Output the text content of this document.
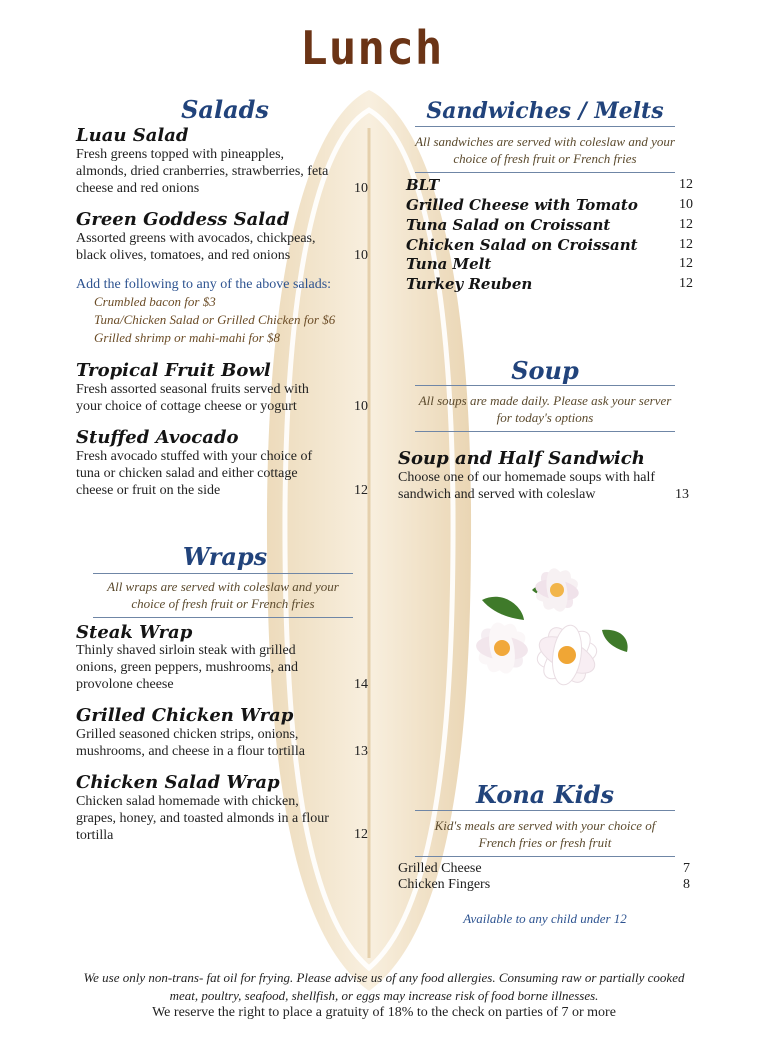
Lunch
Salads
Luau Salad
Fresh greens topped with pineapples, almonds, dried cranberries, strawberries, feta cheese and red onions	10
Green Goddess Salad
Assorted greens with avocados, chickpeas, black olives, tomatoes, and red onions	10
Add the following to any of the above salads:
Crumbled bacon for $3
Tuna/Chicken Salad or Grilled Chicken for $6
Grilled shrimp or mahi-mahi for $8
Tropical Fruit Bowl
Fresh assorted seasonal fruits served with your choice of cottage cheese or yogurt	10
Stuffed Avocado
Fresh avocado stuffed with your choice of tuna or chicken salad and either cottage cheese or fruit on the side	12
Wraps
All wraps are served with coleslaw and your choice of fresh fruit or French fries
Steak Wrap
Thinly shaved sirloin steak with grilled onions, green peppers, mushrooms, and provolone cheese	14
Grilled Chicken Wrap
Grilled seasoned chicken strips, onions, mushrooms, and cheese in a flour tortilla	13
Chicken Salad Wrap
Chicken salad homemade with chicken, grapes, honey, and toasted almonds in a flour tortilla	12
Sandwiches / Melts
All sandwiches are served with coleslaw and your choice of fresh fruit or French fries
BLT	12
Grilled Cheese with Tomato	10
Tuna Salad on Croissant	12
Chicken Salad on Croissant	12
Tuna Melt	12
Turkey Reuben	12
Soup
All soups are made daily. Please ask your server for today's options
Soup and Half Sandwich
Choose one of our homemade soups with half sandwich and served with coleslaw	13
Kona Kids
Kid's meals are served with your choice of French fries or fresh fruit
Grilled Cheese	7
Chicken Fingers	8
Available to any child under 12
We use only non-trans- fat oil for frying. Please advise us of any food allergies. Consuming raw or partially cooked meat, poultry, seafood, shellfish, or eggs may increase risk of food borne illnesses.
We reserve the right to place a gratuity of 18% to the check on parties of 7 or more
